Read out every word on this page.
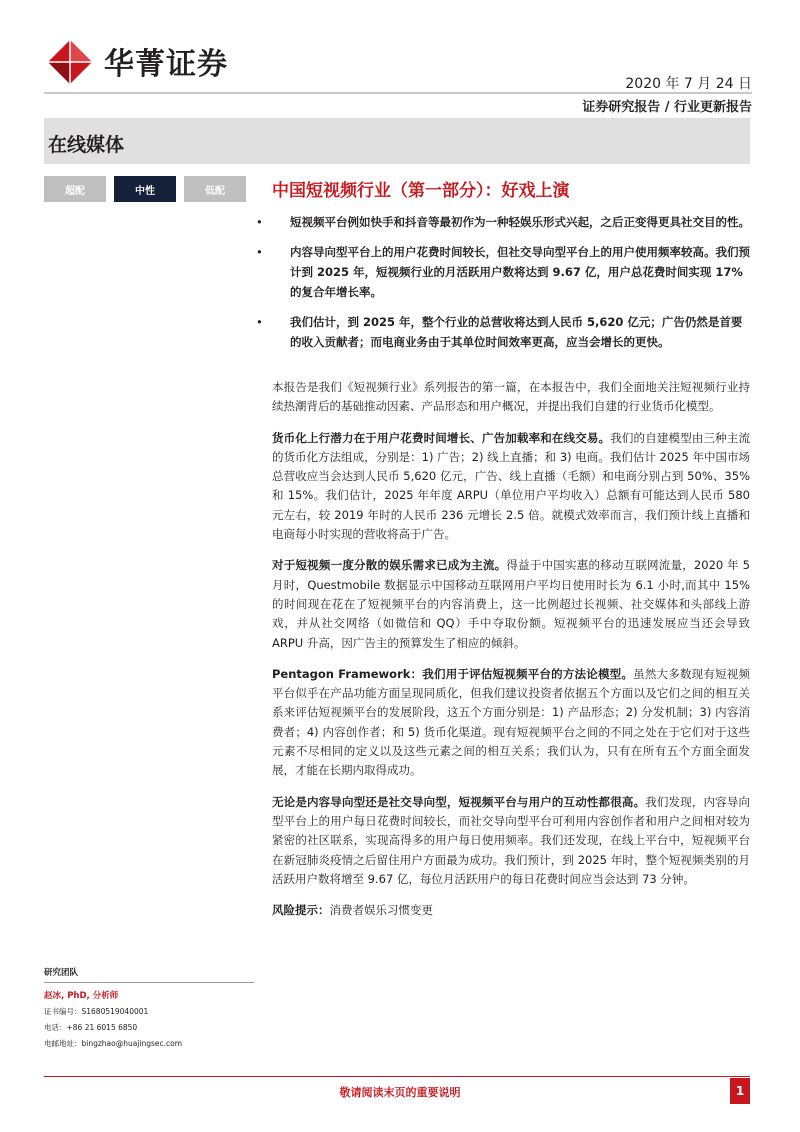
华菁证券
2020 年 7 月 24 日
证券研究报告 / 行业更新报告
在线媒体
超配	中性	低配	中国短视频行业（第一部分）：好戏上演
• 短视频平台例如快手和抖音等最初作为一种轻娱乐形式兴起，之后正变得更具社交目的性。
• 内容导向型平台上的用户花费时间较长，但社交导向型平台上的用户使用频率较高。我们预计到 2025 年，短视频行业的月活跃用户数将达到 9.67 亿，用户总花费时间实现 17%的复合年增长率。
• 我们估计，到 2025 年，整个行业的总营收将达到人民币 5,620 亿元；广告仍然是首要的收入贡献者；而电商业务由于其单位时间效率更高，应当会增长的更快。

本报告是我们《短视频行业》系列报告的第一篇，在本报告中，我们全面地关注短视频行业持续热潮背后的基础推动因素、产品形态和用户概况，并提出我们自建的行业货币化模型。

货币化上行潜力在于用户花费时间增长、广告加载率和在线交易。我们的自建模型由三种主流的货币化方法组成，分别是：1) 广告；2) 线上直播；和 3) 电商。我们估计 2025 年中国市场总营收应当会达到人民币 5,620 亿元，广告、线上直播（毛额）和电商分别占到 50%、35%和 15%。我们估计，2025 年年度 ARPU（单位用户平均收入）总额有可能达到人民币 580 元左右，较 2019 年时的人民币 236 元增长 2.5 倍。就模式效率而言，我们预计线上直播和电商每小时实现的营收将高于广告。

对于短视频一度分散的娱乐需求已成为主流。得益于中国实惠的移动互联网流量，2020 年 5 月时，Questmobile 数据显示中国移动互联网用户平均日使用时长为 6.1 小时,而其中 15%的时间现在花在了短视频平台的内容消费上，这一比例超过长视频、社交媒体和头部线上游戏，并从社交网络（如微信和 QQ）手中夺取份额。短视频平台的迅速发展应当还会导致 ARPU 升高，因广告主的预算发生了相应的倾斜。

Pentagon Framework：我们用于评估短视频平台的方法论模型。虽然大多数现有短视频平台似乎在产品功能方面呈现同质化，但我们建议投资者依据五个方面以及它们之间的相互关系来评估短视频平台的发展阶段，这五个方面分别是：1) 产品形态；2) 分发机制；3) 内容消费者；4) 内容创作者；和 5) 货币化渠道。现有短视频平台之间的不同之处在于它们对于这些元素不尽相同的定义以及这些元素之间的相互关系；我们认为，只有在所有五个方面全面发展，才能在长期内取得成功。

无论是内容导向型还是社交导向型，短视频平台与用户的互动性都很高。我们发现，内容导向型平台上的用户每日花费时间较长，而社交导向型平台可利用内容创作者和用户之间相对较为紧密的社区联系，实现高得多的用户每日使用频率。我们还发现，在线上平台中，短视频平台在新冠肺炎疫情之后留住用户方面最为成功。我们预计，到 2025 年时，整个短视频类别的月活跃用户数将增至 9.67 亿，每位月活跃用户的每日花费时间应当会达到 73 分钟。

风险提示：消费者娱乐习惯变更

研究团队
赵冰, PhD, 分析师
证书编号：S1680519040001
电话：+86 21 6015 6850
电邮地址：bingzhao@huajingsec.com
敬请阅读末页的重要说明	1
